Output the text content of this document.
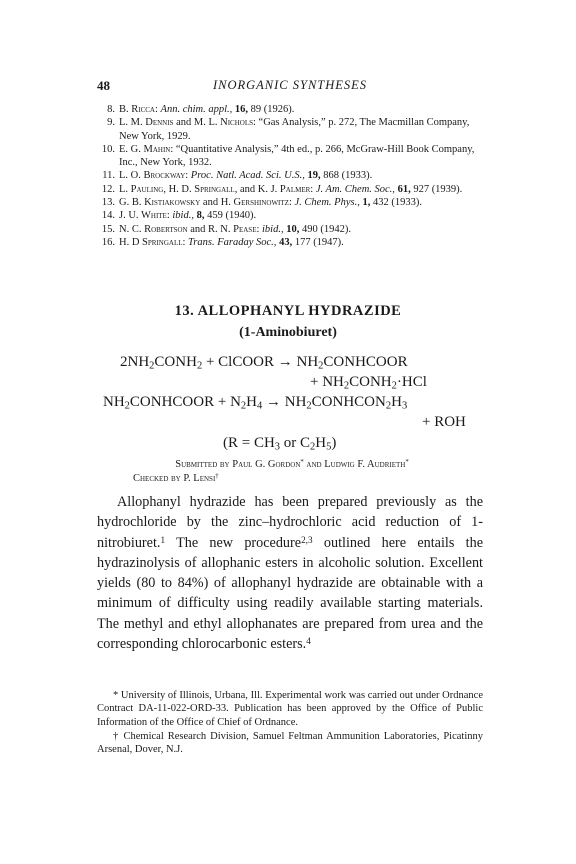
48	INORGANIC SYNTHESES
8. B. Ricca: Ann. chim. appl., 16, 89 (1926).
9. L. M. Dennis and M. L. Nichols: “Gas Analysis,” p. 272, The Macmillan Company, New York, 1929.
10. E. G. Mahin: “Quantitative Analysis,” 4th ed., p. 266, McGraw-Hill Book Company, Inc., New York, 1932.
11. L. O. Brockway: Proc. Natl. Acad. Sci. U.S., 19, 868 (1933).
12. L. Pauling, H. D. Springall, and K. J. Palmer: J. Am. Chem. Soc., 61, 927 (1939).
13. G. B. Kistiakowsky and H. Gershinowitz: J. Chem. Phys., 1, 432 (1933).
14. J. U. White: ibid., 8, 459 (1940).
15. N. C. Robertson and R. N. Pease: ibid., 10, 490 (1942).
16. H. D Springall: Trans. Faraday Soc., 43, 177 (1947).
13. ALLOPHANYL HYDRAZIDE
(1-Aminobiuret)
$2NH_2CONH_2$ + ClCOOR → $NH_2CONHCOOR$
+ $NH_2CONH_2\cdot HCl$
$NH_2CONHCOOR + N_2H_4$ → $NH_2CONHCON_2H_3$
+ ROH
($R = CH_3$ or $C_2H_5$)
Submitted by Paul G. Gordon* and Ludwig F. Audrieth*
Checked by P. Lensi†

Allophanyl hydrazide has been prepared previously as the hydrochloride by the zinc–hydrochloric acid reduction of 1-nitrobiuret.$^1$ The new procedure$^{2,3}$ outlined here entails the hydrazinolysis of allophanic esters in alcoholic solution. Excellent yields (80 to 84%) of allophanyl hydrazide are obtainable with a minimum of difficulty using readily available starting materials. The methyl and ethyl allophanates are prepared from urea and the corresponding chlorocarbonic esters.$^4$

* University of Illinois, Urbana, Ill. Experimental work was carried out under Ordnance Contract DA-11-022-ORD-33. Publication has been approved by the Office of Public Information of the Office of Chief of Ordnance.

† Chemical Research Division, Samuel Feltman Ammunition Laboratories, Picatinny Arsenal, Dover, N.J.
